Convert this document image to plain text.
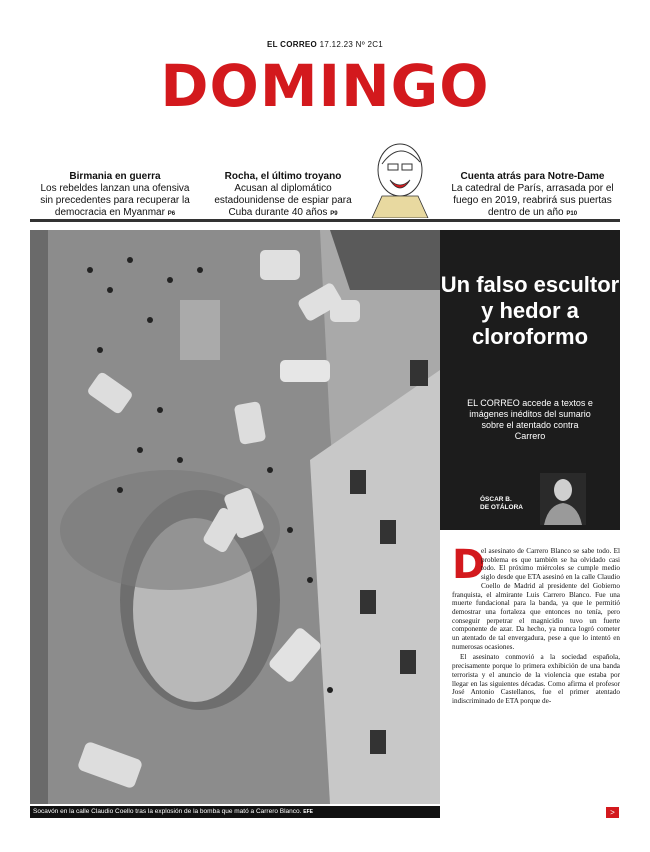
EL CORREO 17.12.23 Nº 2C1
DOMINGO
Birmania en guerra
Los rebeldes lanzan una ofensiva sin precedentes para recuperar la democracia en Myanmar P6
Rocha, el último troyano
Acusan al diplomático estadounidense de espiar para Cuba durante 40 años P9
Cuenta atrás para Notre-Dame
La catedral de París, arrasada por el fuego en 2019, reabrirá sus puertas dentro de un año P10
Socavón en la calle Claudio Coello tras la explosión de la bomba que mató a Carrero Blanco. EFE
Un falso escultor y hedor a cloroformo
EL CORREO accede a textos e imágenes inéditos del sumario sobre el atentado contra Carrero
ÓSCAR B.
DE OTÁLORA
D

el asesinato de Carrero Blanco se sabe todo. El problema es que también se ha olvidado casi todo. El próximo miércoles se cumple medio siglo desde que ETA asesinó en la calle Claudio Coello de Madrid al presidente del Gobierno franquista, el almirante Luis Carrero Blanco. Fue una muerte fundacional para la banda, ya que le permitió demostrar una fortaleza que entonces no tenía, pero conseguir perpetrar el magnicidio tuvo un fuerte componente de azar. Da hecho, ya nunca logró cometer un atentado de tal envergadura, pese a que lo intentó en numerosas ocasiones.

El asesinato conmovió a la sociedad española, precisamente porque lo primera exhibición de una banda terrorista y el anuncio de la violencia que estaba por llegar en las siguientes décadas. Como afirma el profesor José Antonio Castellanos, fue el primer atentado indiscriminado de ETA porque de-

>
